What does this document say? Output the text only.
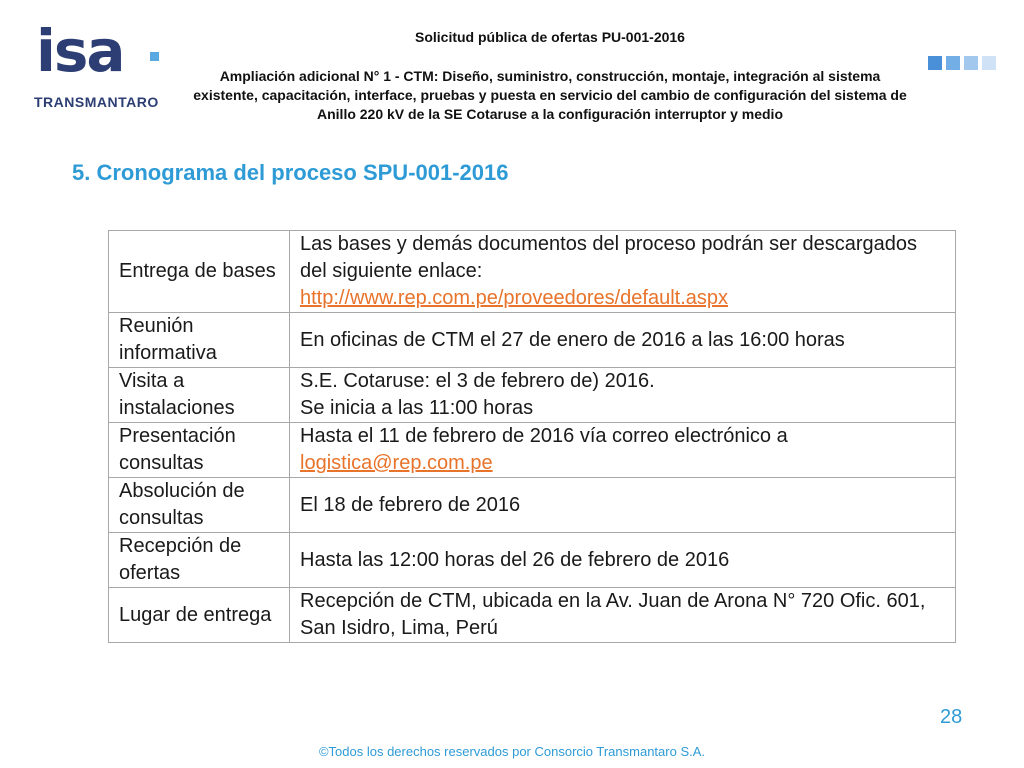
isa
TRANSMANTARO
Solicitud pública de ofertas PU-001-2016
Ampliación adicional N° 1 - CTM: Diseño, suministro, construcción, montaje, integración al sistema existente, capacitación, interface, pruebas y puesta en servicio del cambio de configuración del sistema de Anillo 220 kV de la SE Cotaruse a la configuración interruptor y medio
5. Cronograma del proceso SPU-001-2016
Entrega de bases	Las bases y demás documentos del proceso podrán ser descargados del siguiente enlace:
http://www.rep.com.pe/proveedores/default.aspx

Reunión informativa	En oficinas de CTM el 27 de enero de 2016 a las 16:00 horas

Visita a instalaciones	S.E. Cotaruse: el 3 de febrero de) 2016.
Se inicia a las 11:00 horas

Presentación consultas	Hasta el 11 de febrero de 2016 vía correo electrónico a
logistica@rep.com.pe

Absolución de consultas	El 18 de febrero de 2016

Recepción de ofertas	Hasta las 12:00 horas del 26 de febrero de 2016

Lugar de entrega	Recepción de CTM, ubicada en la Av. Juan de Arona N° 720 Ofic. 601, San Isidro, Lima, Perú
28
©Todos los derechos reservados por Consorcio Transmantaro S.A.
